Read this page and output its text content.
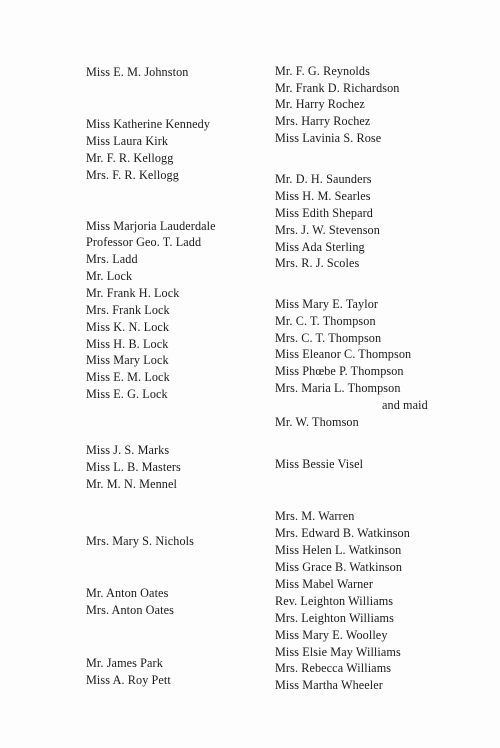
Miss E. M. Johnston
Miss Katherine Kennedy
Miss Laura Kirk
Mr. F. R. Kellogg
Mrs. F. R. Kellogg
Miss Marjoria Lauderdale
Professor Geo. T. Ladd
Mrs. Ladd
Mr. Lock
Mr. Frank H. Lock
Mrs. Frank Lock
Miss K. N. Lock
Miss H. B. Lock
Miss Mary Lock
Miss E. M. Lock
Miss E. G. Lock
Miss J. S. Marks
Miss L. B. Masters
Mr. M. N. Mennel
Mrs. Mary S. Nichols
Mr. Anton Oates
Mrs. Anton Oates
Mr. James Park
Miss A. Roy Pett
Mr. F. G. Reynolds
Mr. Frank D. Richardson
Mr. Harry Rochez
Mrs. Harry Rochez
Miss Lavinia S. Rose
Mr. D. H. Saunders
Miss H. M. Searles
Miss Edith Shepard
Mrs. J. W. Stevenson
Miss Ada Sterling
Mrs. R. J. Scoles
Miss Mary E. Taylor
Mr. C. T. Thompson
Mrs. C. T. Thompson
Miss Eleanor C. Thompson
Miss Phœbe P. Thompson
Mrs. Maria L. Thompson
and maid
Mr. W. Thomson
Miss Bessie Visel
Mrs. M. Warren
Mrs. Edward B. Watkinson
Miss Helen L. Watkinson
Miss Grace B. Watkinson
Miss Mabel Warner
Rev. Leighton Williams
Mrs. Leighton Williams
Miss Mary E. Woolley
Miss Elsie May Williams
Mrs. Rebecca Williams
Miss Martha Wheeler
